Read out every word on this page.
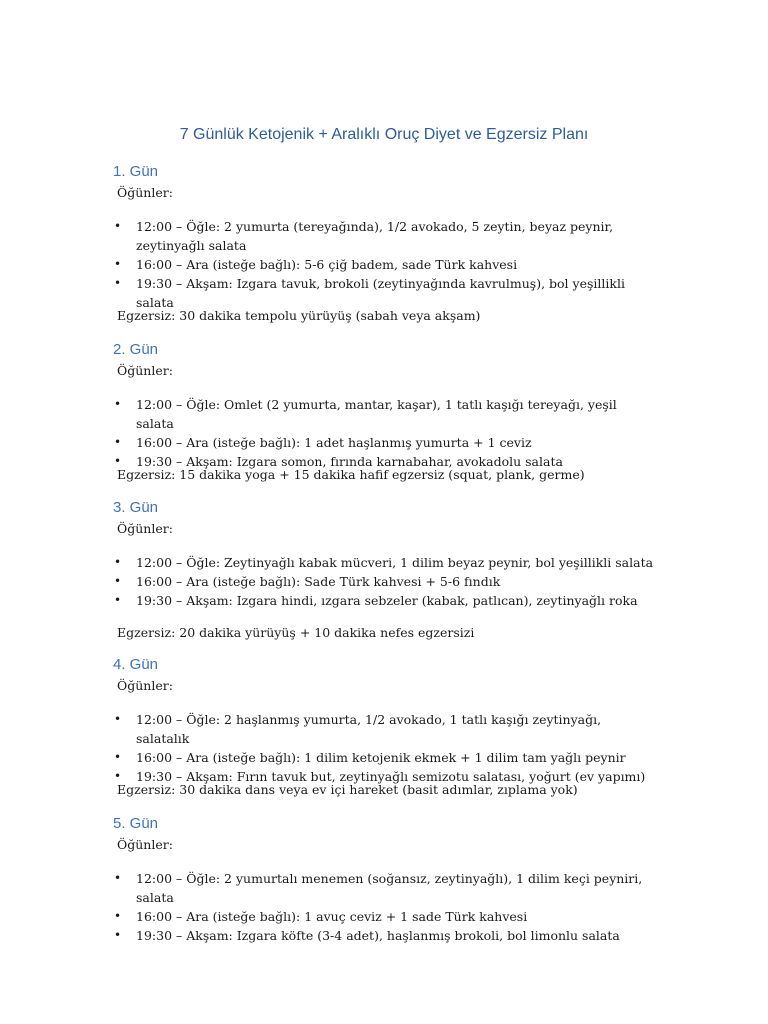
7 Günlük Ketojenik + Aralıklı Oruç Diyet ve Egzersiz Planı
1. Gün
Öğünler:
• 12:00 – Öğle: 2 yumurta (tereyağında), 1/2 avokado, 5 zeytin, beyaz peynir, zeytinyağlı salata
• 16:00 – Ara (isteğe bağlı): 5-6 çiğ badem, sade Türk kahvesi
• 19:30 – Akşam: Izgara tavuk, brokoli (zeytinyağında kavrulmuş), bol yeşillikli salata
Egzersiz: 30 dakika tempolu yürüyüş (sabah veya akşam)
2. Gün
Öğünler:
• 12:00 – Öğle: Omlet (2 yumurta, mantar, kaşar), 1 tatlı kaşığı tereyağı, yeşil salata
• 16:00 – Ara (isteğe bağlı): 1 adet haşlanmış yumurta + 1 ceviz
• 19:30 – Akşam: Izgara somon, fırında karnabahar, avokadolu salata
Egzersiz: 15 dakika yoga + 15 dakika hafif egzersiz (squat, plank, germe)
3. Gün
Öğünler:
• 12:00 – Öğle: Zeytinyağlı kabak mücveri, 1 dilim beyaz peynir, bol yeşillikli salata
• 16:00 – Ara (isteğe bağlı): Sade Türk kahvesi + 5-6 fındık
• 19:30 – Akşam: Izgara hindi, ızgara sebzeler (kabak, patlıcan), zeytinyağlı roka
Egzersiz: 20 dakika yürüyüş + 10 dakika nefes egzersizi
4. Gün
Öğünler:
• 12:00 – Öğle: 2 haşlanmış yumurta, 1/2 avokado, 1 tatlı kaşığı zeytinyağı, salatalık
• 16:00 – Ara (isteğe bağlı): 1 dilim ketojenik ekmek + 1 dilim tam yağlı peynir
• 19:30 – Akşam: Fırın tavuk but, zeytinyağlı semizotu salatası, yoğurt (ev yapımı)
Egzersiz: 30 dakika dans veya ev içi hareket (basit adımlar, zıplama yok)
5. Gün
Öğünler:
• 12:00 – Öğle: 2 yumurtalı menemen (soğansız, zeytinyağlı), 1 dilim keçi peyniri, salata
• 16:00 – Ara (isteğe bağlı): 1 avuç ceviz + 1 sade Türk kahvesi
• 19:30 – Akşam: Izgara köfte (3-4 adet), haşlanmış brokoli, bol limonlu salata
